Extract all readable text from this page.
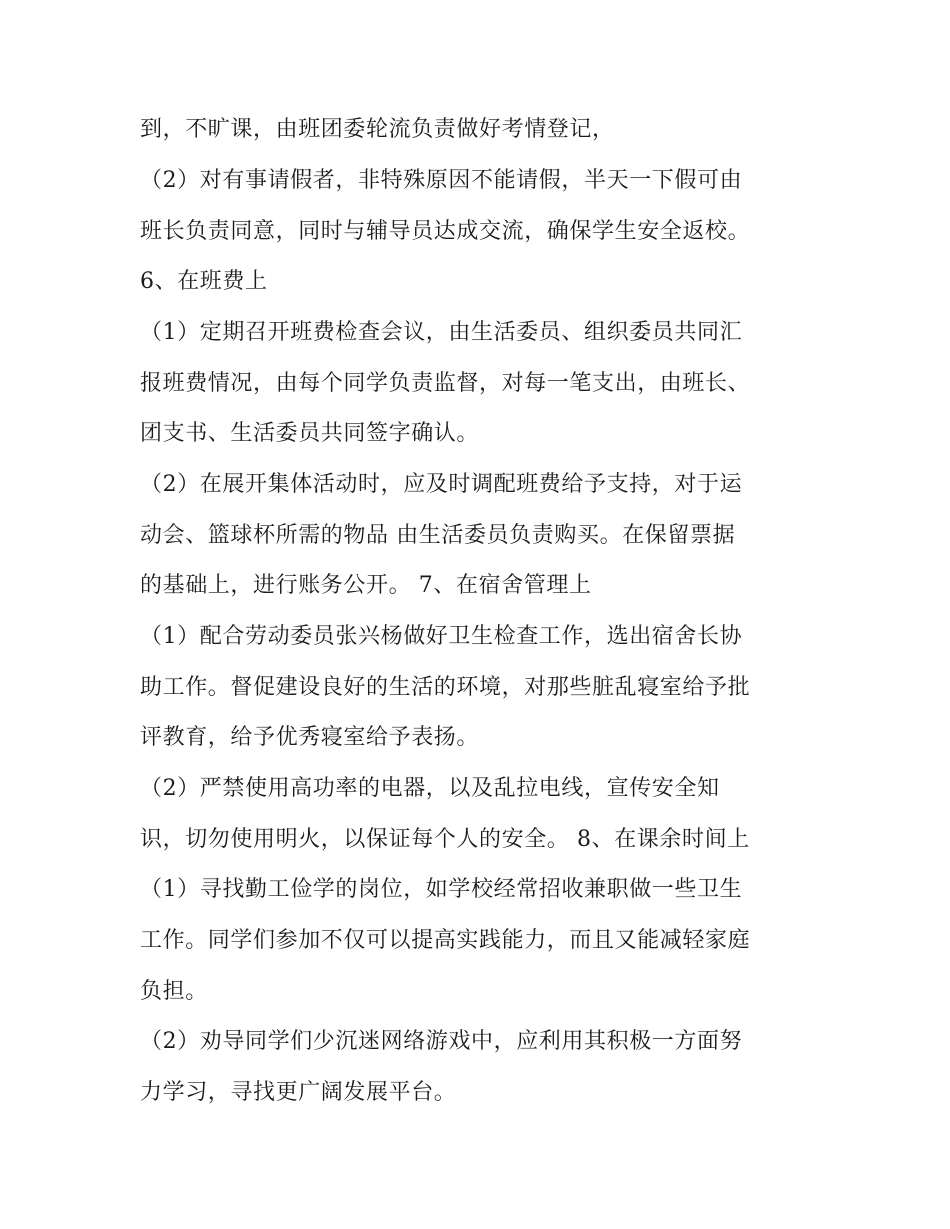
到，不旷课，由班团委轮流负责做好考情登记，
（2）对有事请假者，非特殊原因不能请假，半天一下假可由
班长负责同意，同时与辅导员达成交流，确保学生安全返校。
6、在班费上
（1）定期召开班费检查会议，由生活委员、组织委员共同汇
报班费情况，由每个同学负责监督，对每一笔支出，由班长、
团支书、生活委员共同签字确认。
（2）在展开集体活动时，应及时调配班费给予支持，对于运
动会、篮球杯所需的物品 由生活委员负责购买。在保留票据
的基础上，进行账务公开。 7、在宿舍管理上
（1）配合劳动委员张兴杨做好卫生检查工作，选出宿舍长协
助工作。督促建设良好的生活的环境，对那些脏乱寝室给予批
评教育，给予优秀寝室给予表扬。
（2）严禁使用高功率的电器，以及乱拉电线，宣传安全知
识，切勿使用明火，以保证每个人的安全。 8、在课余时间上
（1）寻找勤工俭学的岗位，如学校经常招收兼职做一些卫生
工作。同学们参加不仅可以提高实践能力，而且又能减轻家庭
负担。
（2）劝导同学们少沉迷网络游戏中，应利用其积极一方面努
力学习，寻找更广阔发展平台。
